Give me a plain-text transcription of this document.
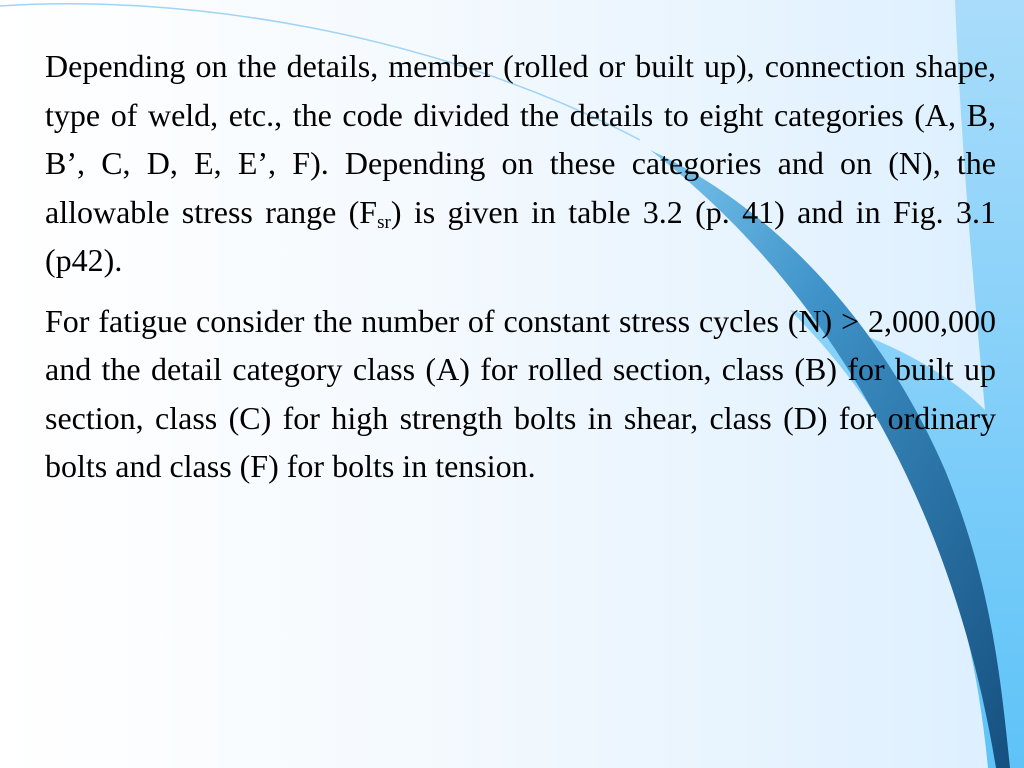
Depending on the details, member (rolled or built up), connection shape, type of weld, etc., the code divided the details to eight categories (A, B, B’, C, D, E, E’, F). Depending on these categories and on (N), the allowable stress range $(F_{sr})$ is given in table 3.2 (p. 41) and in Fig. 3.1 (p42).

For fatigue consider the number of constant stress cycles (N) > 2,000,000 and the detail category class (A) for rolled section, class (B) for built up section, class (C) for high strength bolts in shear, class (D) for ordinary bolts and class (F) for bolts in tension.
